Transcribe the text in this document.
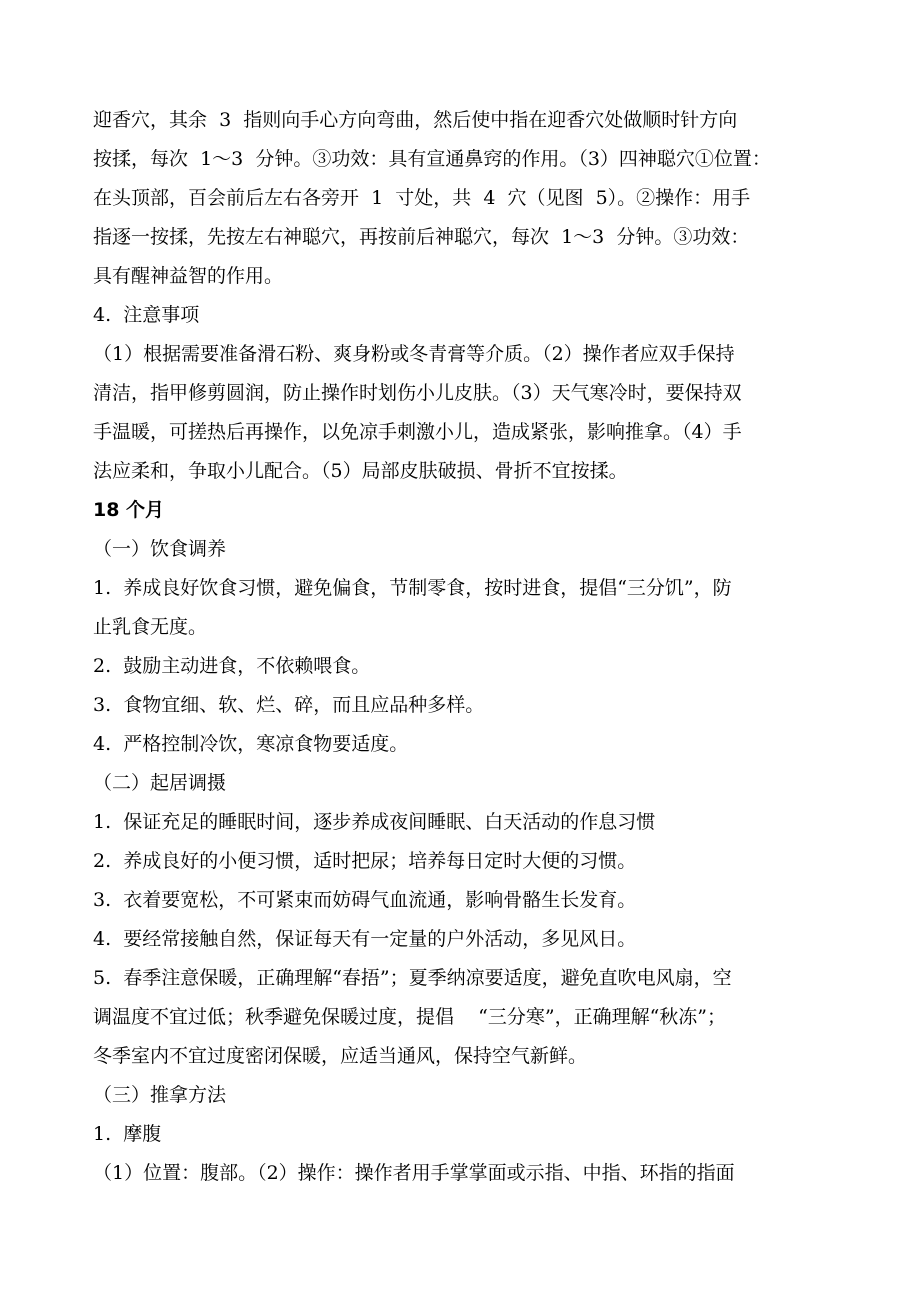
迎香穴，其余  3  指则向手心方向弯曲，然后使中指在迎香穴处做顺时针方向
按揉，每次  1～3  分钟。③功效：具有宣通鼻窍的作用。（3）四神聪穴①位置：
在头顶部，百会前后左右各旁开  1  寸处，共  4  穴（见图  5）。②操作：用手
指逐一按揉，先按左右神聪穴，再按前后神聪穴，每次  1～3  分钟。③功效：
具有醒神益智的作用。
4.  注意事项
（1）根据需要准备滑石粉、爽身粉或冬青膏等介质。（2）操作者应双手保持
清洁，指甲修剪圆润，防止操作时划伤小儿皮肤。（3）天气寒冷时，要保持双
手温暖，可搓热后再操作，以免凉手刺激小儿，造成紧张，影响推拿。（4）手
法应柔和，争取小儿配合。（5）局部皮肤破损、骨折不宜按揉。
18 个月
（一）饮食调养
1.  养成良好饮食习惯，避免偏食，节制零食，按时进食，提倡“三分饥”，防
止乳食无度。
2.  鼓励主动进食，不依赖喂食。
3.  食物宜细、软、烂、碎，而且应品种多样。
4.  严格控制冷饮，寒凉食物要适度。
（二）起居调摄
1.  保证充足的睡眠时间，逐步养成夜间睡眠、白天活动的作息习惯
2.  养成良好的小便习惯，适时把尿；培养每日定时大便的习惯。
3.  衣着要宽松，不可紧束而妨碍气血流通，影响骨骼生长发育。
4.  要经常接触自然，保证每天有一定量的户外活动，多见风日。
5.  春季注意保暖，正确理解“春捂”；夏季纳凉要适度，避免直吹电风扇，空
调温度不宜过低；秋季避免保暖过度，提倡    “三分寒”，正确理解“秋冻”；
冬季室内不宜过度密闭保暖，应适当通风，保持空气新鲜。
（三）推拿方法
1.  摩腹
（1）位置：腹部。（2）操作：操作者用手掌掌面或示指、中指、环指的指面
